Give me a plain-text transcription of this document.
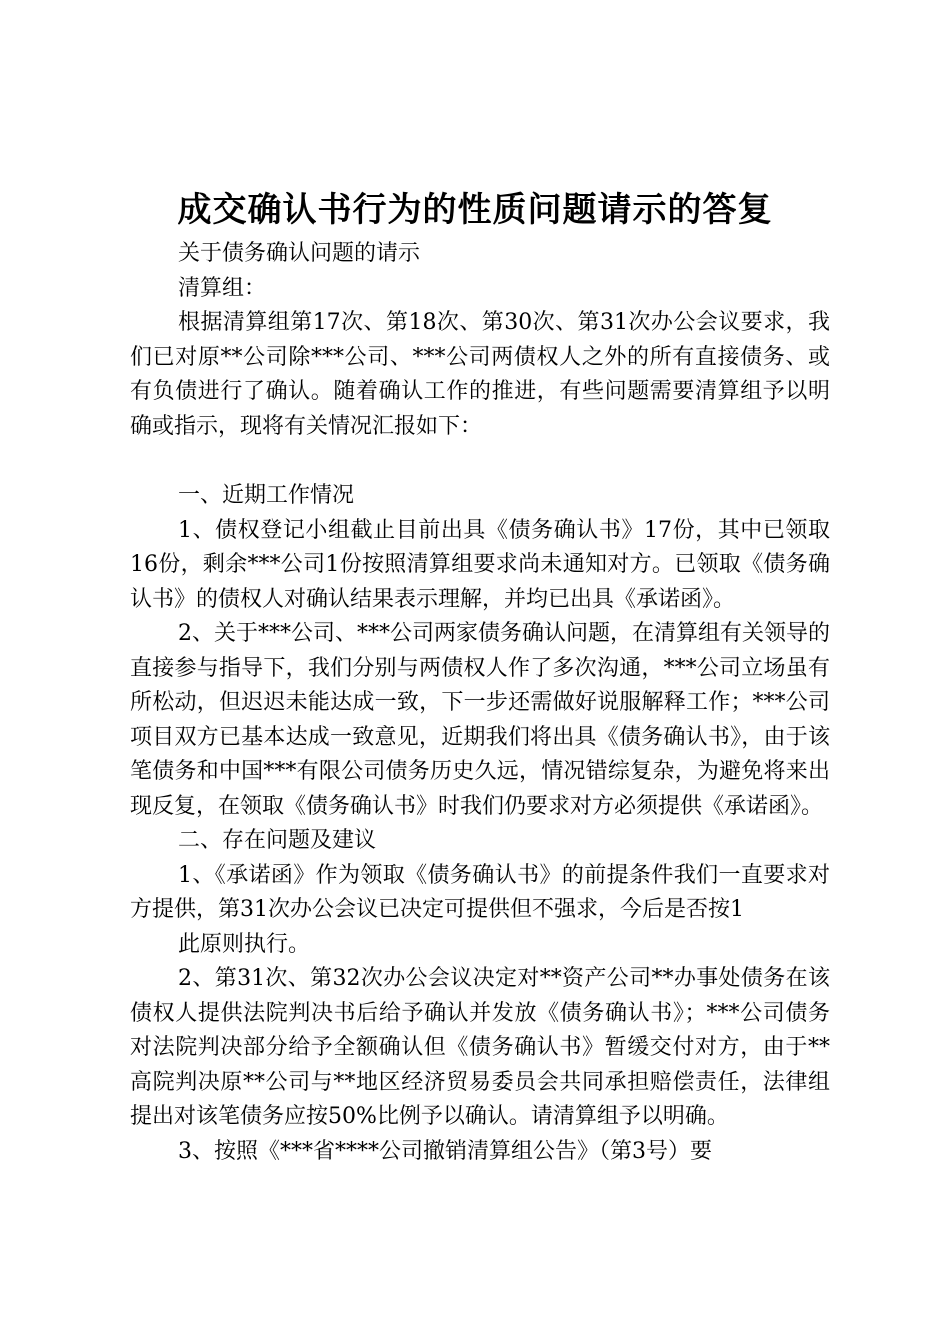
成交确认书行为的性质问题请示的答复

关于债务确认问题的请示

清算组：

根据清算组第17次、第18次、第30次、第31次办公会议要求，我们已对原**公司除***公司、***公司两债权人之外的所有直接债务、或有负债进行了确认。随着确认工作的推进，有些问题需要清算组予以明确或指示，现将有关情况汇报如下：

一、近期工作情况

1、债权登记小组截止目前出具《债务确认书》17份，其中已领取16份，剩余***公司1份按照清算组要求尚未通知对方。已领取《债务确认书》的债权人对确认结果表示理解，并均已出具《承诺函》。

2、关于***公司、***公司两家债务确认问题，在清算组有关领导的直接参与指导下，我们分别与两债权人作了多次沟通，***公司立场虽有所松动，但迟迟未能达成一致，下一步还需做好说服解释工作；***公司项目双方已基本达成一致意见，近期我们将出具《债务确认书》，由于该笔债务和中国***有限公司债务历史久远，情况错综复杂，为避免将来出现反复，在领取《债务确认书》时我们仍要求对方必须提供《承诺函》。

二、存在问题及建议

1、《承诺函》作为领取《债务确认书》的前提条件我们一直要求对方提供，第31次办公会议已决定可提供但不强求，今后是否按1

此原则执行。

2、第31次、第32次办公会议决定对**资产公司**办事处债务在该债权人提供法院判决书后给予确认并发放《债务确认书》；***公司债务对法院判决部分给予全额确认但《债务确认书》暂缓交付对方，由于**高院判决原**公司与**地区经济贸易委员会共同承担赔偿责任，法律组提出对该笔债务应按50%比例予以确认。请清算组予以明确。

3、按照《***省****公司撤销清算组公告》（第3号）要
